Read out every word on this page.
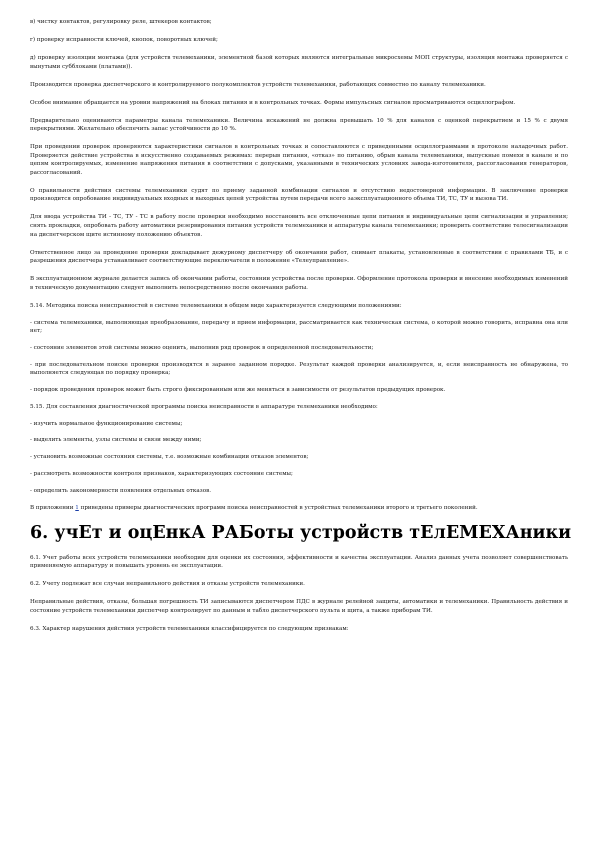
в) чистку контактов, регулировку реле, штекеров контактов;

г) проверку исправности ключей, кнопок, поворотных ключей;

д) проверку изоляции монтажа (для устройств телемеханики, элементной базой которых являются интегральные микросхемы МОП структуры, изоляция монтажа проверяется с вынутыми субблоками (платами)).

Производится проверка диспетчерского и контролируемого полукомплектов устройств телемеханики, работающих совместно по каналу телемеханики.

Особое внимание обращается на уровни напряжений на блоках питания и в контрольных точках. Формы импульсных сигналов просматриваются осциллографом.

Предварительно оцениваются параметры канала телемеханики. Величина искажений не должна превышать 10 % для каналов с оценкой перекрытием и 15 % с двумя перекрытиями. Желательно обеспечить запас устойчивости до 10 %.

При проведении проверок проверяются характеристики сигналов в контрольных точках и сопоставляются с приведенными осциллограммами в протоколе наладочных работ. Проверяется действие устройства в искусственно создаваемых режимах: перерыв питания, «отказ» по питанию, обрыв канала телемеханики, выпускные помехи в канале и по цепям контролируемых, изменение напряжения питания в соответствии с допусками, указанными в технических условиях завода-изготовителя, рассогласования генераторов, рассогласований.

О правильности действия системы телемеханики судят по приему заданной комбинации сигналов и отсутствию недостоверной информации. В заключение проверки производится опробование индивидуальных входных и выходных цепей устройства путем передачи всего заэксплуатационного объема ТИ, ТС, ТУ и вызова ТИ.

Для ввода устройства ТИ - ТС, ТУ - ТС в работу после проверки необходимо восстановить все отключенные цепи питания и индивидуальные цепи сигнализации и управления; снять прокладки, опробовать работу автоматики резервирования питания устройств телемеханики и аппаратуры канала телемеханики; проверить соответствие телесигнализации на диспетчерском щите истинному положению объектов.

Ответственное лицо за проведение проверки докладывает дежурному диспетчеру об окончании работ, снимает плакаты, установленные в соответствии с правилами ТБ, и с разрешения диспетчера устанавливает соответствующие переключатели в положение «Телеуправление».

В эксплуатационном журнале делается запись об окончании работы, состоянии устройства после проверки. Оформление протокола проверки и внесение необходимых изменений в техническую документацию следует выполнить непосредственно после окончания работы.

5.14. Методика поиска неисправностей в системе телемеханики в общем виде характеризуется следующими положениями:

- система телемеханики, выполняющая преобразование, передачу и прием информации, рассматривается как техническая система, о которой можно говорить, исправна она или нет;

- состояние элементов этой системы можно оценить, выполнив ряд проверок в определенной последовательности;

- при последовательном поиске проверки производятся в заранее заданном порядке. Результат каждой проверки анализируется, и, если неисправность не обнаружена, то выполняется следующая по порядку проверка;

- порядок проведения проверок может быть строго фиксированным или же меняться в зависимости от результатов предыдущих проверок.

5.15. Для составления диагностической программы поиска неисправности в аппаратуре телемеханики необходимо:

- изучить нормальное функционирование системы;

- выделить элементы, узлы системы и связи между ними;

- установить возможные состояния системы, т.е. возможные комбинации отказов элементов;

- рассмотреть возможности контроля признаков, характеризующих состояние системы;

- определить закономерности появления отдельных отказов.

В приложении 1 приведены примеры диагностических программ поиска неисправностей в устройствах телемеханики второго и третьего поколений.

6. учЕт и оцЕнкА РАБоты устройств тЕлЕМЕХАники

6.1. Учет работы всех устройств телемеханики необходим для оценки их состояния, эффективности и качества эксплуатации. Анализ данных учета позволяет совершенствовать применяемую аппаратуру и повышать уровень ее эксплуатации.

6.2. Учету подлежат все случаи неправильного действия и отказы устройств телемеханики.

Неправильные действия, отказы, большая погрешность ТИ записываются диспетчером ПДС в журнале релейной защиты, автоматики и телемеханики. Правильность действия и состояние устройств телемеханики диспетчер контролирует по данным и табло диспетчерского пульта и щита, а также приборам ТИ.

6.3. Характер нарушения действия устройств телемеханики классифицируется по следующим признакам:
